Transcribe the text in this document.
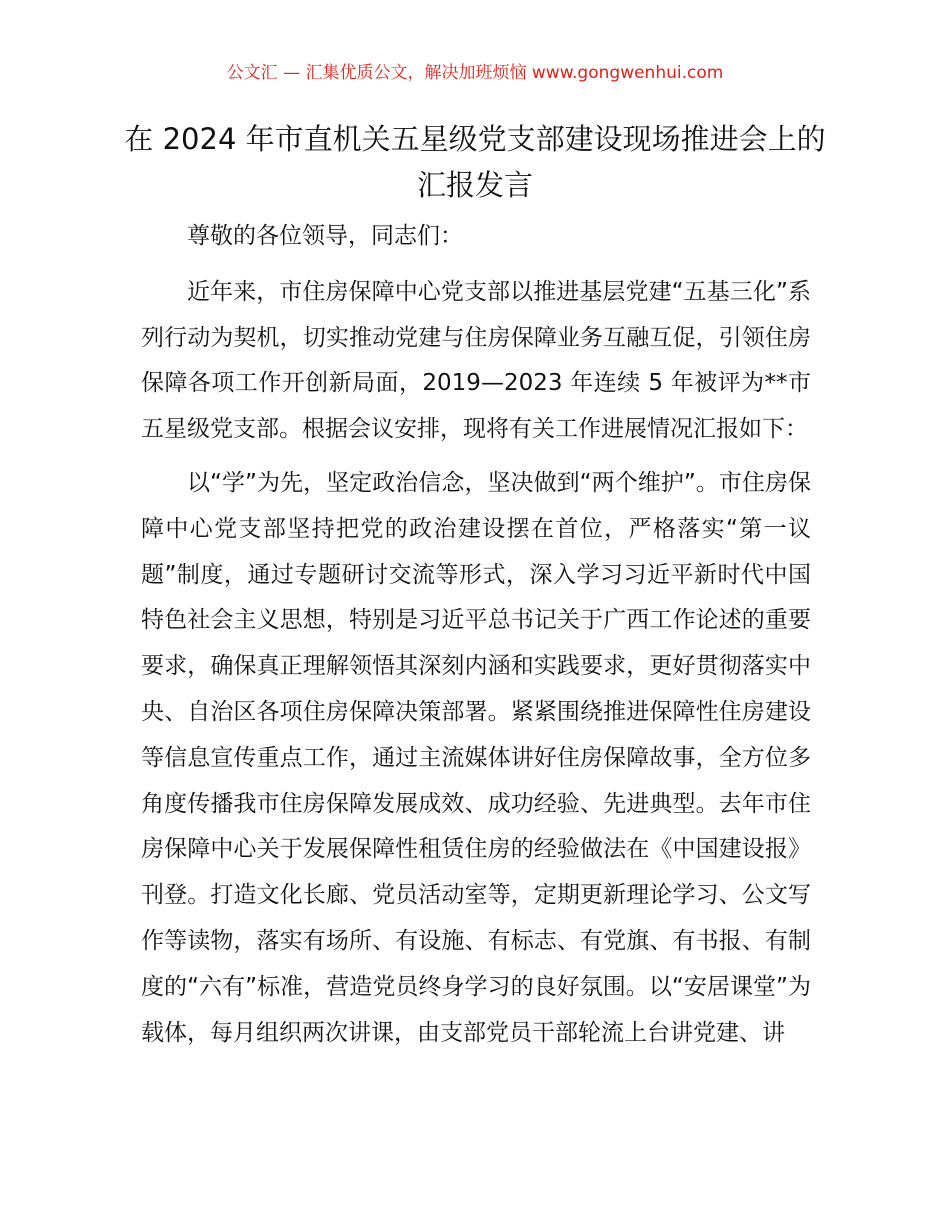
公文汇 — 汇集优质公文，解决加班烦恼 www.gongwenhui.com
在 2024 年市直机关五星级党支部建设现场推进会上的汇报发言

尊敬的各位领导，同志们：

近年来，市住房保障中心党支部以推进基层党建“五基三化”系列行动为契机，切实推动党建与住房保障业务互融互促，引领住房保障各项工作开创新局面，2019—2023 年连续 5 年被评为**市五星级党支部。根据会议安排，现将有关工作进展情况汇报如下：

以“学”为先，坚定政治信念，坚决做到“两个维护”。市住房保障中心党支部坚持把党的政治建设摆在首位，严格落实“第一议题”制度，通过专题研讨交流等形式，深入学习习近平新时代中国特色社会主义思想，特别是习近平总书记关于广西工作论述的重要要求，确保真正理解领悟其深刻内涵和实践要求，更好贯彻落实中央、自治区各项住房保障决策部署。紧紧围绕推进保障性住房建设等信息宣传重点工作，通过主流媒体讲好住房保障故事，全方位多角度传播我市住房保障发展成效、成功经验、先进典型。去年市住房保障中心关于发展保障性租赁住房的经验做法在《中国建设报》刊登。打造文化长廊、党员活动室等，定期更新理论学习、公文写作等读物，落实有场所、有设施、有标志、有党旗、有书报、有制度的“六有”标准，营造党员终身学习的良好氛围。以“安居课堂”为载体，每月组织两次讲课，由支部党员干部轮流上台讲党建、讲
